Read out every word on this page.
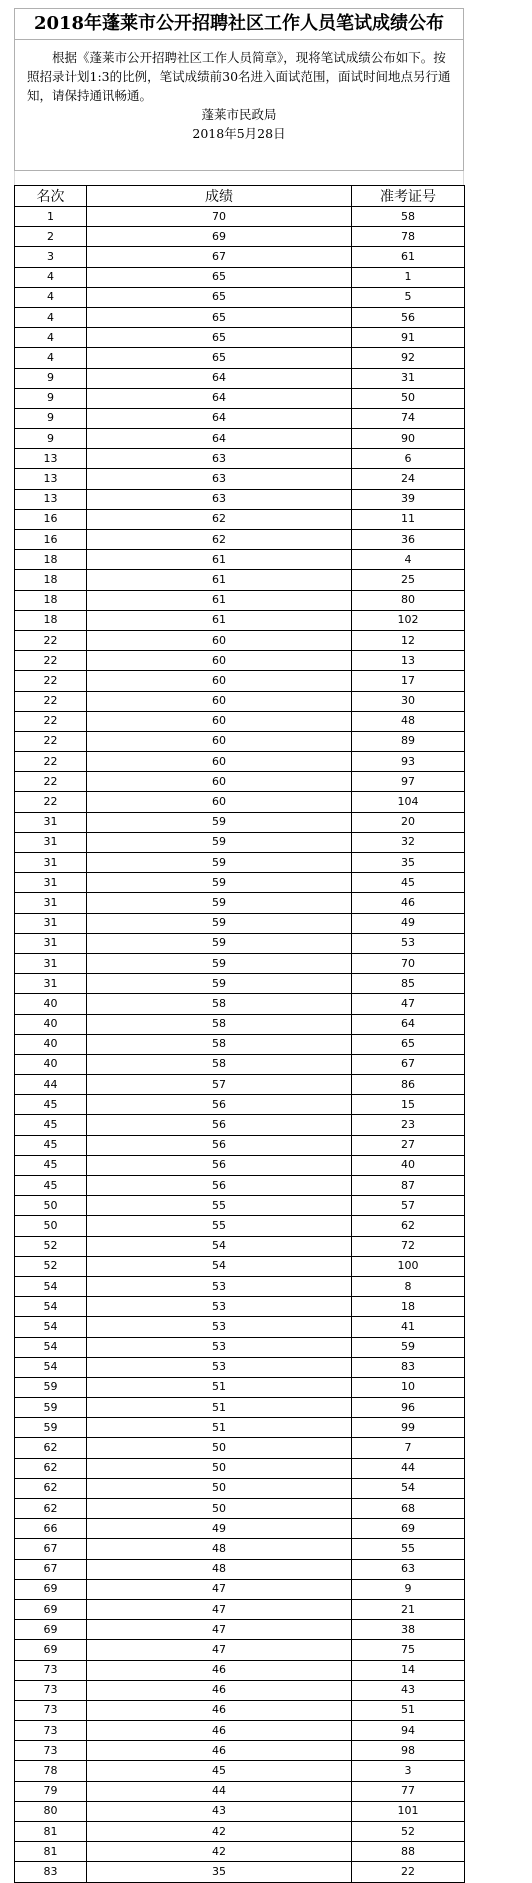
2018年蓬莱市公开招聘社区工作人员笔试成绩公布

根据《蓬莱市公开招聘社区工作人员简章》，现将笔试成绩公布如下。按照招录计划1:3的比例，笔试成绩前30名进入面试范围，面试时间地点另行通知，请保持通讯畅通。

蓬莱市民政局
2018年5月28日
名次	成绩	准考证号
1	70	58
2	69	78
3	67	61
4	65	1
4	65	5
4	65	56
4	65	91
4	65	92
9	64	31
9	64	50
9	64	74
9	64	90
13	63	6
13	63	24
13	63	39
16	62	11
16	62	36
18	61	4
18	61	25
18	61	80
18	61	102
22	60	12
22	60	13
22	60	17
22	60	30
22	60	48
22	60	89
22	60	93
22	60	97
22	60	104
31	59	20
31	59	32
31	59	35
31	59	45
31	59	46
31	59	49
31	59	53
31	59	70
31	59	85
40	58	47
40	58	64
40	58	65
40	58	67
44	57	86
45	56	15
45	56	23
45	56	27
45	56	40
45	56	87
50	55	57
50	55	62
52	54	72
52	54	100
54	53	8
54	53	18
54	53	41
54	53	59
54	53	83
59	51	10
59	51	96
59	51	99
62	50	7
62	50	44
62	50	54
62	50	68
66	49	69
67	48	55
67	48	63
69	47	9
69	47	21
69	47	38
69	47	75
73	46	14
73	46	43
73	46	51
73	46	94
73	46	98
78	45	3
79	44	77
80	43	101
81	42	52
81	42	88
83	35	22
